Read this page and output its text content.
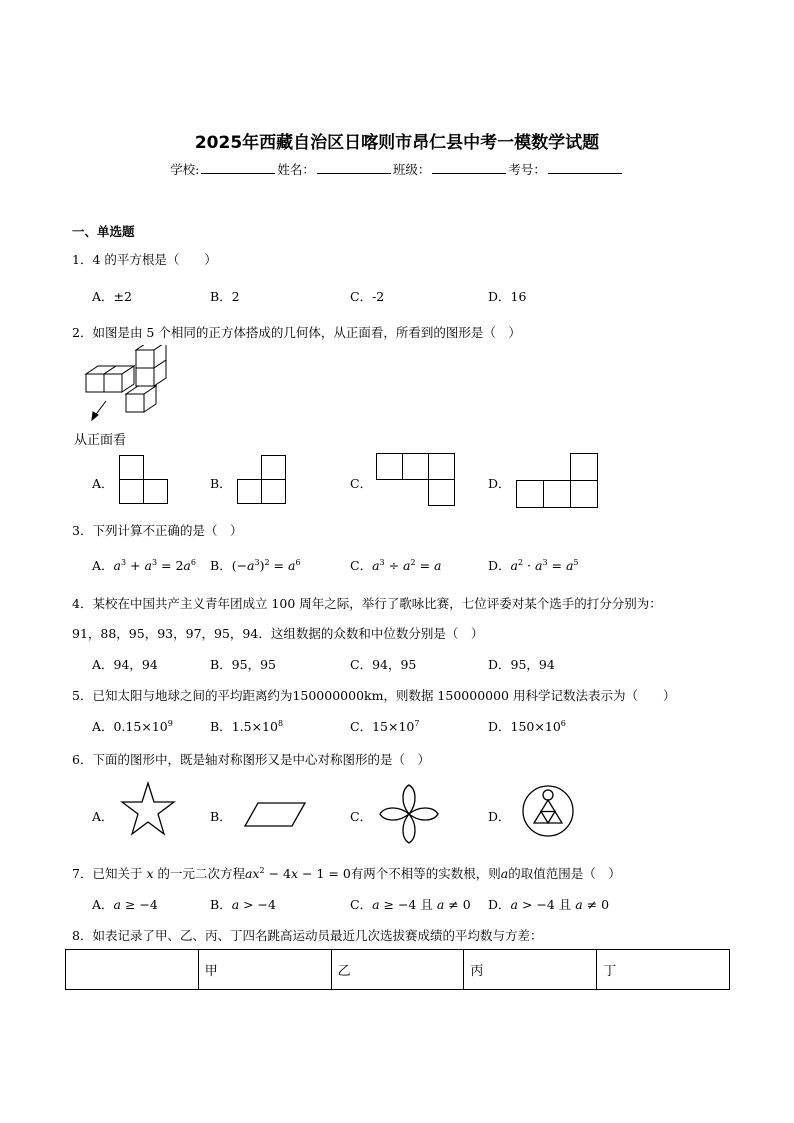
2025年西藏自治区日喀则市昂仁县中考一模数学试题
学校:	姓名：	班级：	考号：
一、单选题
1．4 的平方根是（　　）
A．±2	B．2	C．-2	D．16
2．如图是由 5 个相同的正方体搭成的几何体，从正面看，所看到的图形是（　）
从正面看
A．	B．	C．	D．
3．下列计算不正确的是（　）
A．$a^3 + a^3 = 2a^6$ B．$(-a^3)^2 = a^6$	C．$a^3 \div a^2 = a$	D．$a^2 \cdot a^3 = a^5$
4．某校在中国共产主义青年团成立 100 周年之际，举行了歌咏比赛，七位评委对某个选手的打分分别为：
91，88，95，93，97，95，94．这组数据的众数和中位数分别是（　）
A．94，94	B．95，95	C．94，95	D．95，94
5．已知太阳与地球之间的平均距离约为150000000km，则数据 150000000 用科学记数法表示为（　　）
A．$0.15\times 10^9$	B．$1.5\times 10^8$	C．$15\times 10^7$	D．$150\times 10^6$
6．下面的图形中，既是轴对称图形又是中心对称图形的是（　）
A．	B．	C．	D．
7．已知关于 x 的一元二次方程$ax^2 - 4x - 1 = 0$有两个不相等的实数根，则a的取值范围是（　）
A．a ≥ −4	B．a > −4	C．a ≥ −4 且 a ≠ 0 D．a > −4 且 a ≠ 0
8．如表记录了甲、乙、丙、丁四名跳高运动员最近几次选拔赛成绩的平均数与方差：
	甲	乙	丙	丁
